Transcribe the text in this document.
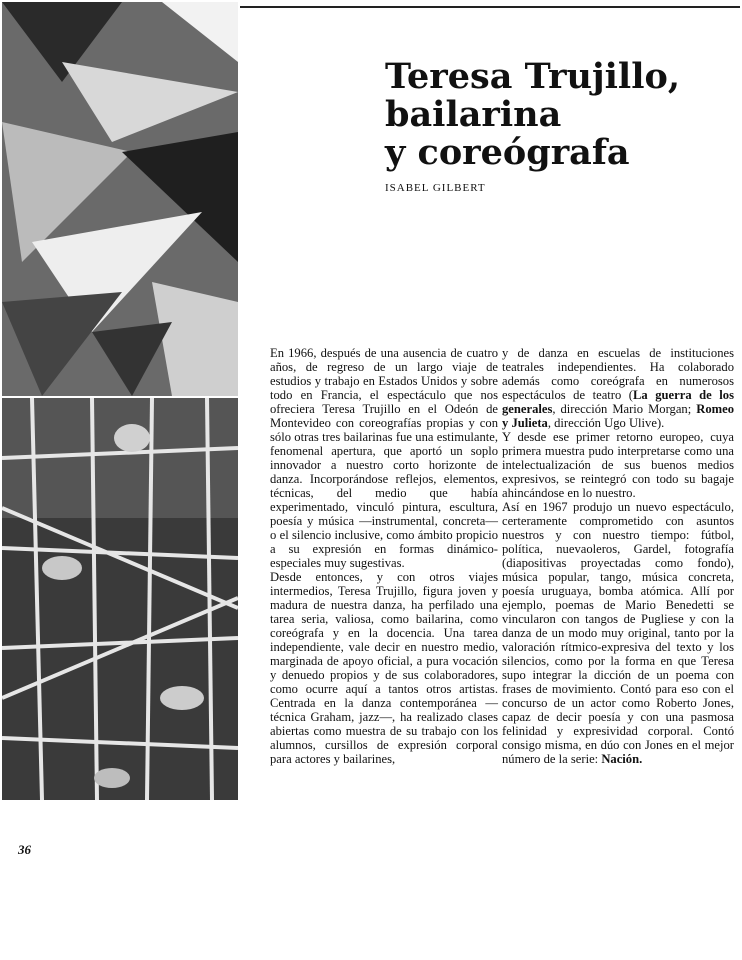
Teresa Trujillo,
bailarina
y coreógrafa
ISABEL GILBERT

En 1966, después de una ausencia de cuatro años, de regreso de un largo viaje de estudios y trabajo en Estados Unidos y sobre todo en Francia, el espectáculo que nos ofreciera Teresa Trujillo en el Odeón de Montevideo con coreografías propias y con sólo otras tres bailarinas fue una estimulante, fenomenal apertura, que aportó un soplo innovador a nuestro corto horizonte de danza. Incorporándose reflejos, elementos, técnicas, del medio que había experimentado, vinculó pintura, escultura, poesía y música —instrumental, concreta— o el silencio inclusive, como ámbito propicio a su expresión en formas dinámico-especiales muy sugestivas.

Desde entonces, y con otros viajes intermedios, Teresa Trujillo, figura joven y madura de nuestra danza, ha perfilado una tarea seria, valiosa, como bailarina, como coreógrafa y en la docencia. Una tarea independiente, vale decir en nuestro medio, marginada de apoyo oficial, a pura vocación y denuedo propios y de sus colaboradores, como ocurre aquí a tantos otros artistas. Centrada en la danza contemporánea —técnica Graham, jazz—, ha realizado clases abiertas como muestra de su trabajo con los alumnos, cursillos de expresión corporal para actores y bailarines,

y de danza en escuelas de instituciones teatrales independientes. Ha colaborado además como coreógrafa en numerosos espectáculos de teatro (La guerra de los generales, dirección Mario Morgan; Romeo y Julieta, dirección Ugo Ulive).

Y desde ese primer retorno europeo, cuya primera muestra pudo interpretarse como una intelectualización de sus buenos medios expresivos, se reintegró con todo su bagaje ahincándose en lo nuestro.

Así en 1967 produjo un nuevo espectáculo, certeramente comprometido con asuntos nuestros y con nuestro tiempo: fútbol, política, nuevaoleros, Gardel, fotografía (diapositivas proyectadas como fondo), música popular, tango, música concreta, poesía uruguaya, bomba atómica. Allí por ejemplo, poemas de Mario Benedetti se vincularon con tangos de Pugliese y con la danza de un modo muy original, tanto por la valoración rítmico-expresiva del texto y los silencios, como por la forma en que Teresa supo integrar la dicción de un poema con frases de movimiento. Contó para eso con el concurso de un actor como Roberto Jones, capaz de decir poesía y con una pasmosa felinidad y expresividad corporal. Contó consigo misma, en dúo con Jones en el mejor número de la serie: Nación.

36
